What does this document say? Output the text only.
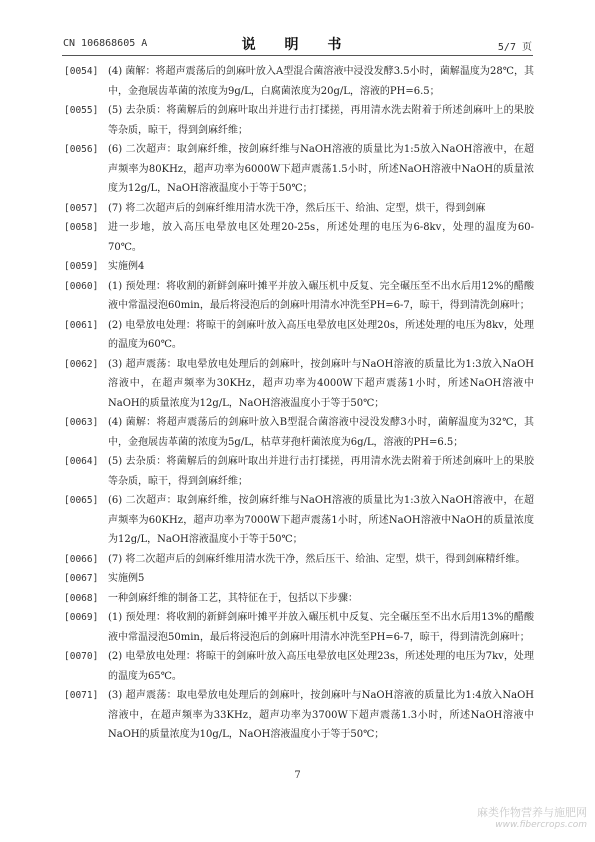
CN 106868605 A	说 明 书	5/7 页

[0054] (4) 菌解：将超声震荡后的剑麻叶放入A型混合菌溶液中浸没发酵3.5小时，菌解温度为28℃，其中，金孢展齿革菌的浓度为9g/L，白腐菌浓度为20g/L，溶液的PH=6.5；

[0055] (5) 去杂质：将菌解后的剑麻叶取出并进行击打揉搓，再用清水洗去附着于所述剑麻叶上的果胶等杂质，晾干，得到剑麻纤维；

[0056] (6) 二次超声：取剑麻纤维，按剑麻纤维与NaOH溶液的质量比为1:5放入NaOH溶液中，在超声频率为80KHz，超声功率为6000W下超声震荡1.5小时，所述NaOH溶液中NaOH的质量浓度为12g/L，NaOH溶液温度小于等于50℃；

[0057] (7) 将二次超声后的剑麻纤维用清水洗干净，然后压干、给油、定型，烘干，得到剑麻

[0058] 进一步地，放入高压电晕放电区处理20-25s，所述处理的电压为6-8kv，处理的温度为60-70℃。

[0059] 实施例4

[0060] (1) 预处理：将收割的新鲜剑麻叶摊平并放入碾压机中反复、完全碾压至不出水后用12%的醋酸液中常温浸泡60min，最后将浸泡后的剑麻叶用清水冲洗至PH=6-7，晾干，得到清洗剑麻叶；

[0061] (2) 电晕放电处理：将晾干的剑麻叶放入高压电晕放电区处理20s，所述处理的电压为8kv，处理的温度为60℃。

[0062] (3) 超声震荡：取电晕放电处理后的剑麻叶，按剑麻叶与NaOH溶液的质量比为1:3放入NaOH溶液中，在超声频率为30KHz，超声功率为4000W下超声震荡1小时，所述NaOH溶液中NaOH的质量浓度为12g/L，NaOH溶液温度小于等于50℃；

[0063] (4) 菌解：将超声震荡后的剑麻叶放入B型混合菌溶液中浸没发酵3小时，菌解温度为32℃，其中，金孢展齿革菌的浓度为5g/L，枯草芽孢杆菌浓度为6g/L，溶液的PH=6.5；

[0064] (5) 去杂质：将菌解后的剑麻叶取出并进行击打揉搓，再用清水洗去附着于所述剑麻叶上的果胶等杂质，晾干，得到剑麻纤维；

[0065] (6) 二次超声：取剑麻纤维，按剑麻纤维与NaOH溶液的质量比为1:3放入NaOH溶液中，在超声频率为60KHz，超声功率为7000W下超声震荡1小时，所述NaOH溶液中NaOH的质量浓度为12g/L，NaOH溶液温度小于等于50℃；

[0066] (7) 将二次超声后的剑麻纤维用清水洗干净，然后压干、给油、定型，烘干，得到剑麻精纤维。

[0067] 实施例5

[0068] 一种剑麻纤维的制备工艺，其特征在于，包括以下步骤：

[0069] (1) 预处理：将收割的新鲜剑麻叶摊平并放入碾压机中反复、完全碾压至不出水后用13%的醋酸液中常温浸泡50min，最后将浸泡后的剑麻叶用清水冲洗至PH=6-7，晾干，得到清洗剑麻叶；

[0070] (2) 电晕放电处理：将晾干的剑麻叶放入高压电晕放电区处理23s，所述处理的电压为7kv，处理的温度为65℃。

[0071] (3) 超声震荡：取电晕放电处理后的剑麻叶，按剑麻叶与NaOH溶液的质量比为1:4放入NaOH溶液中，在超声频率为33KHz，超声功率为3700W下超声震荡1.3小时，所述NaOH溶液中NaOH的质量浓度为10g/L，NaOH溶液温度小于等于50℃；

7
麻类作物营养与施肥网
www.fibercrops.com
